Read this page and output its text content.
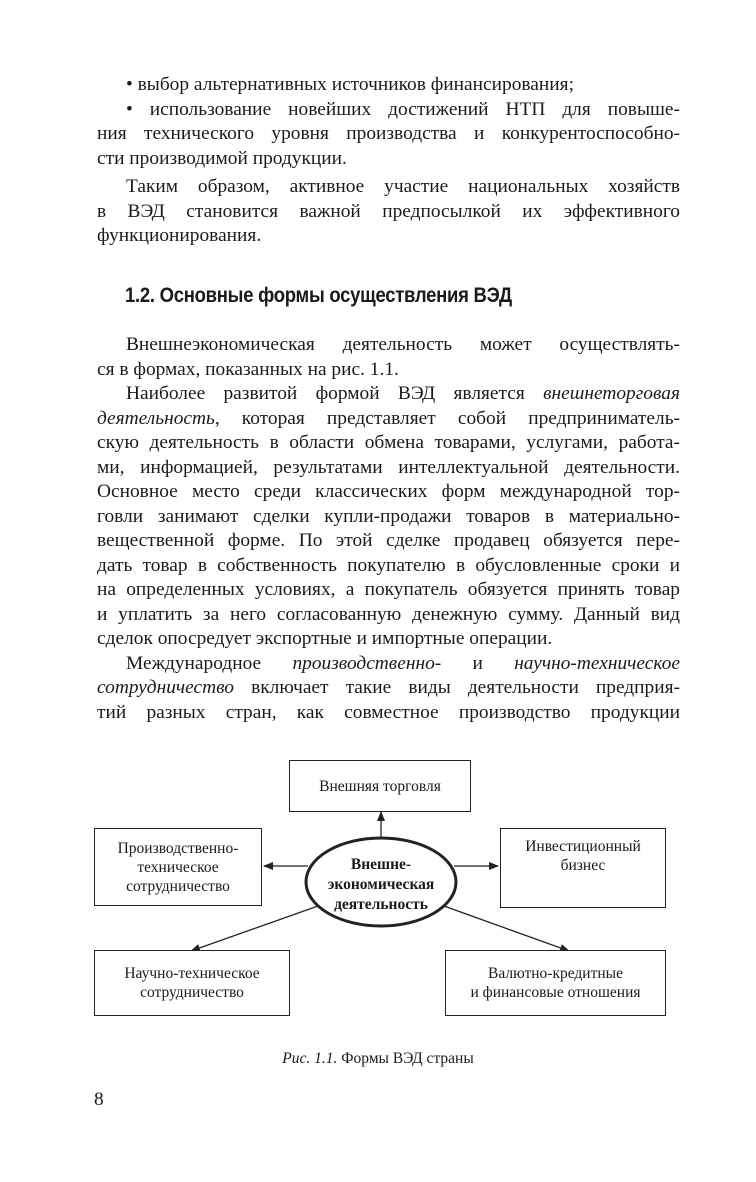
• выбор альтернативных источников финансирования;
• использование новейших достижений НТП для повыше-
ния технического уровня производства и конкурентоспособно-
сти производимой продукции.
Таким образом, активное участие национальных хозяйств
в ВЭД становится важной предпосылкой их эффективного
функционирования.
1.2. Основные формы осуществления ВЭД
Внешнеэкономическая деятельность может осуществлять-
ся в формах, показанных на рис. 1.1.
Наиболее развитой формой ВЭД является внешнеторговая
деятельность, которая представляет собой предприниматель-
скую деятельность в области обмена товарами, услугами, работа-
ми, информацией, результатами интеллектуальной деятельности.
Основное место среди классических форм международной тор-
говли занимают сделки купли-продажи товаров в материально-
вещественной форме. По этой сделке продавец обязуется пере-
дать товар в собственность покупателю в обусловленные сроки и
на определенных условиях, а покупатель обязуется принять товар
и уплатить за него согласованную денежную сумму. Данный вид
сделок опосредует экспортные и импортные операции.
Международное производственно- и научно-техническое
сотрудничество включает такие виды деятельности предприя-
тий разных стран, как совместное производство продукции
Внешняя торговля
Производственно-
техническое
сотрудничество
Инвестиционный
бизнес
Научно-техническое
сотрудничество
Валютно-кредитные
и финансовые отношения
Внешне-
экономическая
деятельность
Рис. 1.1. Формы ВЭД страны
8
